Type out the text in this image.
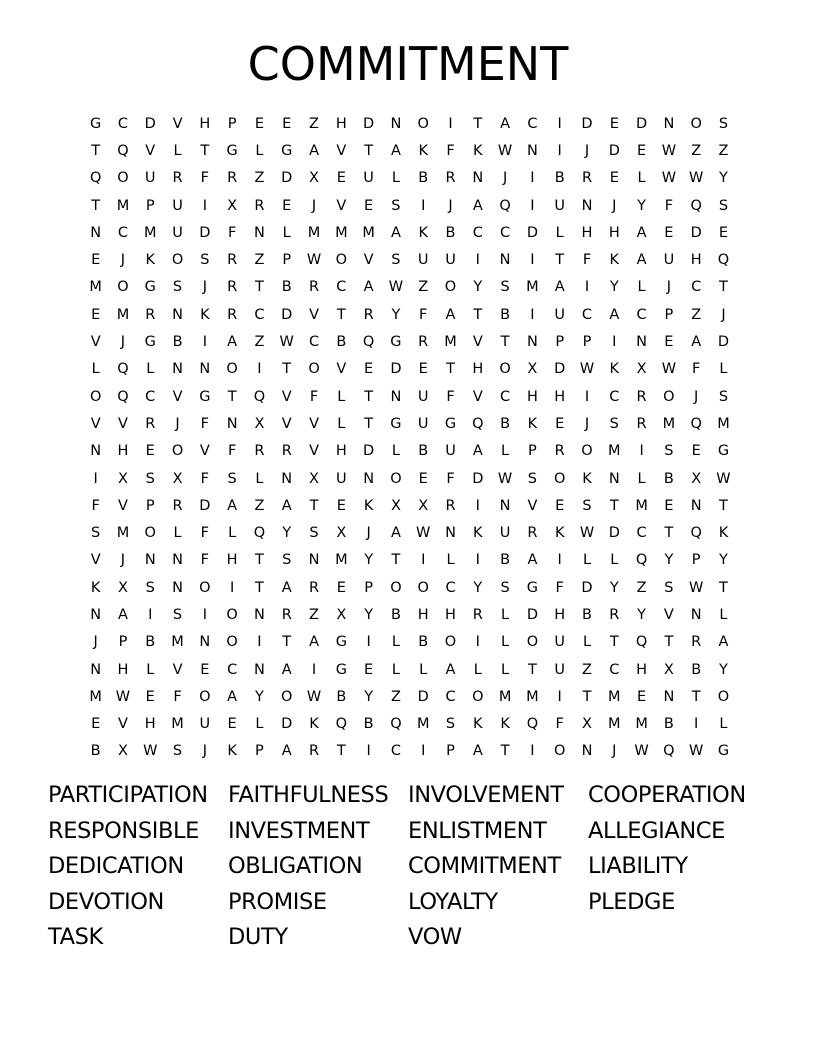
COMMITMENT
G	C	D	V	H	P	E	E	Z	H	D	N	O	I	T	A	C	I	D	E	D	N	O	S
T	Q	V	L	T	G	L	G	A	V	T	A	K	F	K	W	N	I	J	D	E	W	Z	Z
Q	O	U	R	F	R	Z	D	X	E	U	L	B	R	N	J	I	B	R	E	L	W W	Y
T	M	P	U	I	X	R	E	J	V	E	S	I	J	A	Q	I	U	N	J	Y	F	Q	S
N	C	M	U	D	F	N	L	M	M	M	A	K	B	C	C	D	L	H	H	A	E	D	E
E	J	K	O	S	R	Z	P	W O	V	S	U	U	I	N	I	T	F	K	A	U	H	Q
M	O	G	S	J	R	T	B	R	C	A	W	Z	O	Y	S	M	A	I	Y	L	J	C	T
E	M	R	N	K	R	C	D	V	T	R	Y	F	A	T	B	I	U	C	A	C	P	Z	J
V	J	G	B	I	A	Z	W	C	B	Q	G	R	M	V	T	N	P	P	I	N	E	A	D
L	Q	L	N	N	O	I	T	O	V	E	D	E	T	H	O	X	D	W	K	X	W	F	L
O	Q	C	V	G	T	Q	V	F	L	T	N	U	F	V	C	H	H	I	C	R	O	J	S
V	V	R	J	F	N	X	V	V	L	T	G	U	G	Q	B	K	E	J	S	R	M	Q	M
N	H	E	O	V	F	R	R	V	H	D	L	B	U	A	L	P	R	O	M	I	S	E	G
I	X	S	X	F	S	L	N	X	U	N	O	E	F	D	W	S	O	K	N	L	B	X	W
F	V	P	R	D	A	Z	A	T	E	K	X	X	R	I	N	V	E	S	T	M	E	N	T
S	M	O	L	F	L	Q	Y	S	X	J	A	W	N	K	U	R	K	W	D	C	T	Q	K
V	J	N	N	F	H	T	S	N	M	Y	T	I	L	I	B	A	I	L	L	Q	Y	P	Y
K	X	S	N	O	I	T	A	R	E	P	O	O	C	Y	S	G	F	D	Y	Z	S	W	T
N	A	I	S	I	O	N	R	Z	X	Y	B	H	H	R	L	D	H	B	R	Y	V	N	L
J	P	B	M	N	O	I	T	A	G	I	L	B	O	I	L	O	U	L	T	Q	T	R	A
N	H	L	V	E	C	N	A	I	G	E	L	L	A	L	L	T	U	Z	C	H	X	B	Y
M W	E	F	O	A	Y	O W	B	Y	Z	D	C	O	M	M	I	T	M	E	N	T	O
E	V	H	M	U	E	L	D	K	Q	B	Q	M	S	K	K	Q	F	X	M	M	B	I	L
B	X	W	S	J	K	P	A	R	T	I	C	I	P	A	T	I	O	N	J	W Q W	G
PARTICIPATION FAITHFULNESS INVOLVEMENT	COOPERATION
RESPONSIBLE	INVESTMENT	ENLISTMENT	ALLEGIANCE
DEDICATION	OBLIGATION	COMMITMENT	LIABILITY
DEVOTION	PROMISE	LOYALTY	PLEDGE
TASK	DUTY	VOW
